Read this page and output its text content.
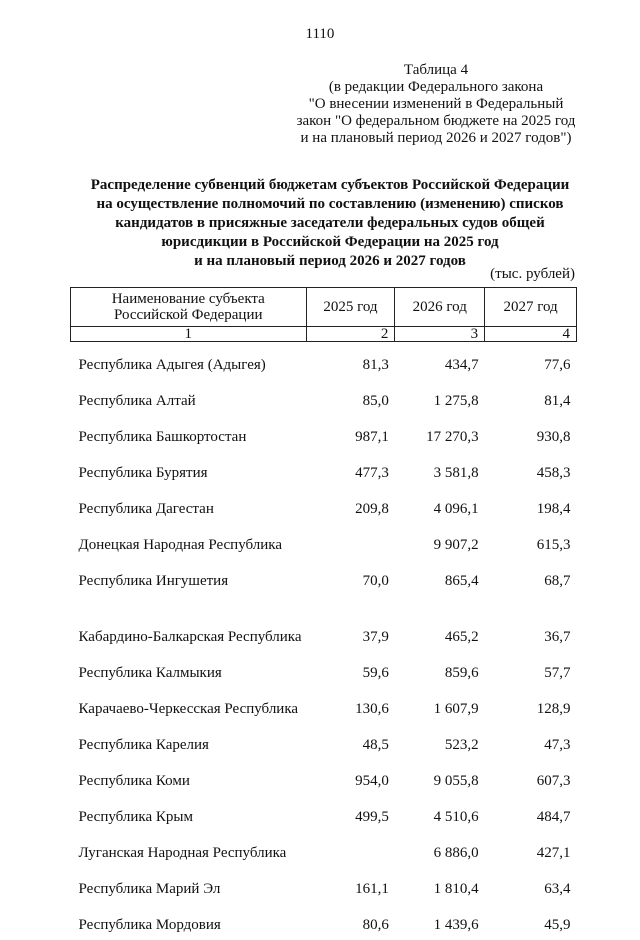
1110
Таблица 4
(в редакции Федерального закона
"О внесении изменений в Федеральный
закон "О федеральном бюджете на 2025 год
и на плановый период 2026 и 2027 годов")
Распределение субвенций бюджетам субъектов Российской Федерации
на осуществление полномочий по составлению (изменению) списков
кандидатов в присяжные заседатели федеральных судов общей
юрисдикции в Российской Федерации на 2025 год
и на плановый период 2026 и 2027 годов
(тыс. рублей)
Наименование субъекта Российской Федерации	2025 год	2026 год	2027 год
1	2	3	4
Республика Адыгея (Адыгея)	81,3	434,7	77,6
Республика Алтай	85,0	1 275,8	81,4
Республика Башкортостан	987,1	17 270,3	930,8
Республика Бурятия	477,3	3 581,8	458,3
Республика Дагестан	209,8	4 096,1	198,4
Донецкая Народная Республика		9 907,2	615,3
Республика Ингушетия	70,0	865,4	68,7
Кабардино-Балкарская Республика	37,9	465,2	36,7
Республика Калмыкия	59,6	859,6	57,7
Карачаево-Черкесская Республика	130,6	1 607,9	128,9
Республика Карелия	48,5	523,2	47,3
Республика Коми	954,0	9 055,8	607,3
Республика Крым	499,5	4 510,6	484,7
Луганская Народная Республика		6 886,0	427,1
Республика Марий Эл	161,1	1 810,4	63,4
Республика Мордовия	80,6	1 439,6	45,9
